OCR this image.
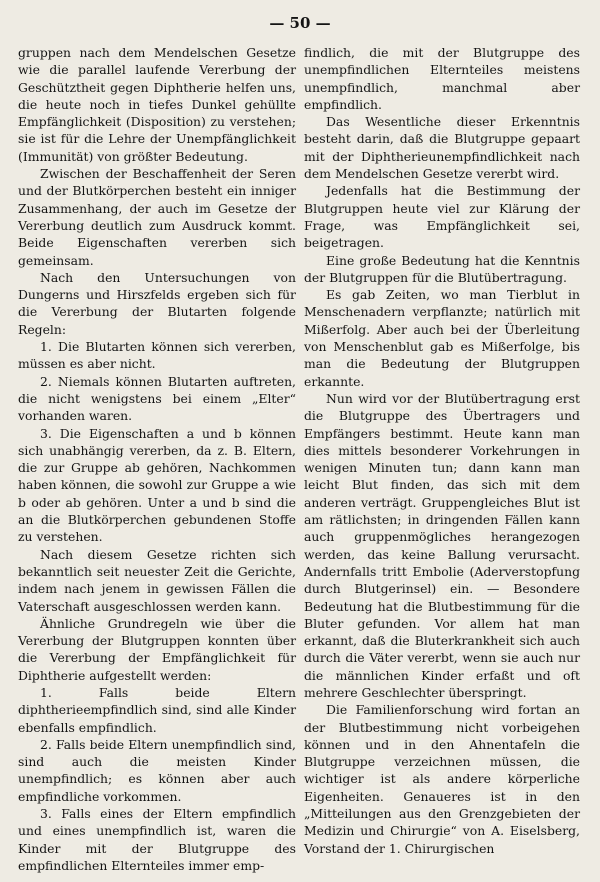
— 50 —

gruppen nach dem Mendelschen Gesetze wie die parallel laufende Vererbung der Geschütztheit gegen Diphtherie helfen uns, die heute noch in tiefes Dunkel gehüllte Empfänglichkeit (Disposition) zu verstehen; sie ist für die Lehre der Unempfänglichkeit (Immunität) von größter Bedeutung.

Zwischen der Beschaffenheit der Seren und der Blutkörperchen besteht ein inniger Zusammenhang, der auch im Gesetze der Vererbung deutlich zum Ausdruck kommt. Beide Eigenschaften vererben sich gemeinsam.

Nach den Untersuchungen von Dungerns und Hirszfelds ergeben sich für die Vererbung der Blutarten folgende Regeln:

1. Die Blutarten können sich vererben, müssen es aber nicht.

2. Niemals können Blutarten auftreten, die nicht wenigstens bei einem „Elter“ vorhanden waren.

3. Die Eigenschaften a und b können sich unabhängig vererben, da z. B. Eltern, die zur Gruppe ab gehören, Nachkommen haben können, die sowohl zur Gruppe a wie b oder ab gehören. Unter a und b sind die an die Blutkörperchen gebundenen Stoffe zu verstehen.

Nach diesem Gesetze richten sich bekanntlich seit neuester Zeit die Gerichte, indem nach jenem in gewissen Fällen die Vaterschaft ausgeschlossen werden kann.

Ähnliche Grundregeln wie über die Vererbung der Blutgruppen konnten über die Vererbung der Empfänglichkeit für Diphtherie aufgestellt werden:

1. Falls beide Eltern diphtherieempfindlich sind, sind alle Kinder ebenfalls empfindlich.

2. Falls beide Eltern unempfindlich sind, sind auch die meisten Kinder unempfindlich; es können aber auch empfindliche vorkommen.

3. Falls eines der Eltern empfindlich und eines unempfindlich ist, waren die Kinder mit der Blutgruppe des empfindlichen Elternteiles immer emp-

findlich, die mit der Blutgruppe des unempfindlichen Elternteiles meistens unempfindlich, manchmal aber empfindlich.

Das Wesentliche dieser Erkenntnis besteht darin, daß die Blutgruppe gepaart mit der Diphtherieunempfindlichkeit nach dem Mendelschen Gesetze vererbt wird.

Jedenfalls hat die Bestimmung der Blutgruppen heute viel zur Klärung der Frage, was Empfänglichkeit sei, beigetragen.

Eine große Bedeutung hat die Kenntnis der Blutgruppen für die Blutübertragung.

Es gab Zeiten, wo man Tierblut in Menschenadern verpflanzte; natürlich mit Mißerfolg. Aber auch bei der Überleitung von Menschenblut gab es Mißerfolge, bis man die Bedeutung der Blutgruppen erkannte.

Nun wird vor der Blutübertragung erst die Blutgruppe des Übertragers und Empfängers bestimmt. Heute kann man dies mittels besonderer Vorkehrungen in wenigen Minuten tun; dann kann man leicht Blut finden, das sich mit dem anderen verträgt. Gruppengleiches Blut ist am rätlichsten; in dringenden Fällen kann auch gruppenmögliches herangezogen werden, das keine Ballung verursacht. Andernfalls tritt Embolie (Aderverstopfung durch Blutgerinsel) ein. — Besondere Bedeutung hat die Blutbestimmung für die Bluter gefunden. Vor allem hat man erkannt, daß die Bluterkrankheit sich auch durch die Väter vererbt, wenn sie auch nur die männlichen Kinder erfaßt und oft mehrere Geschlechter überspringt.

Die Familienforschung wird fortan an der Blutbestimmung nicht vorbeigehen können und in den Ahnentafeln die Blutgruppe verzeichnen müssen, die wichtiger ist als andere körperliche Eigenheiten. Genaueres ist in den „Mitteilungen aus den Grenzgebieten der Medizin und Chirurgie“ von A. Eiselsberg, Vorstand der 1. Chirurgischen
